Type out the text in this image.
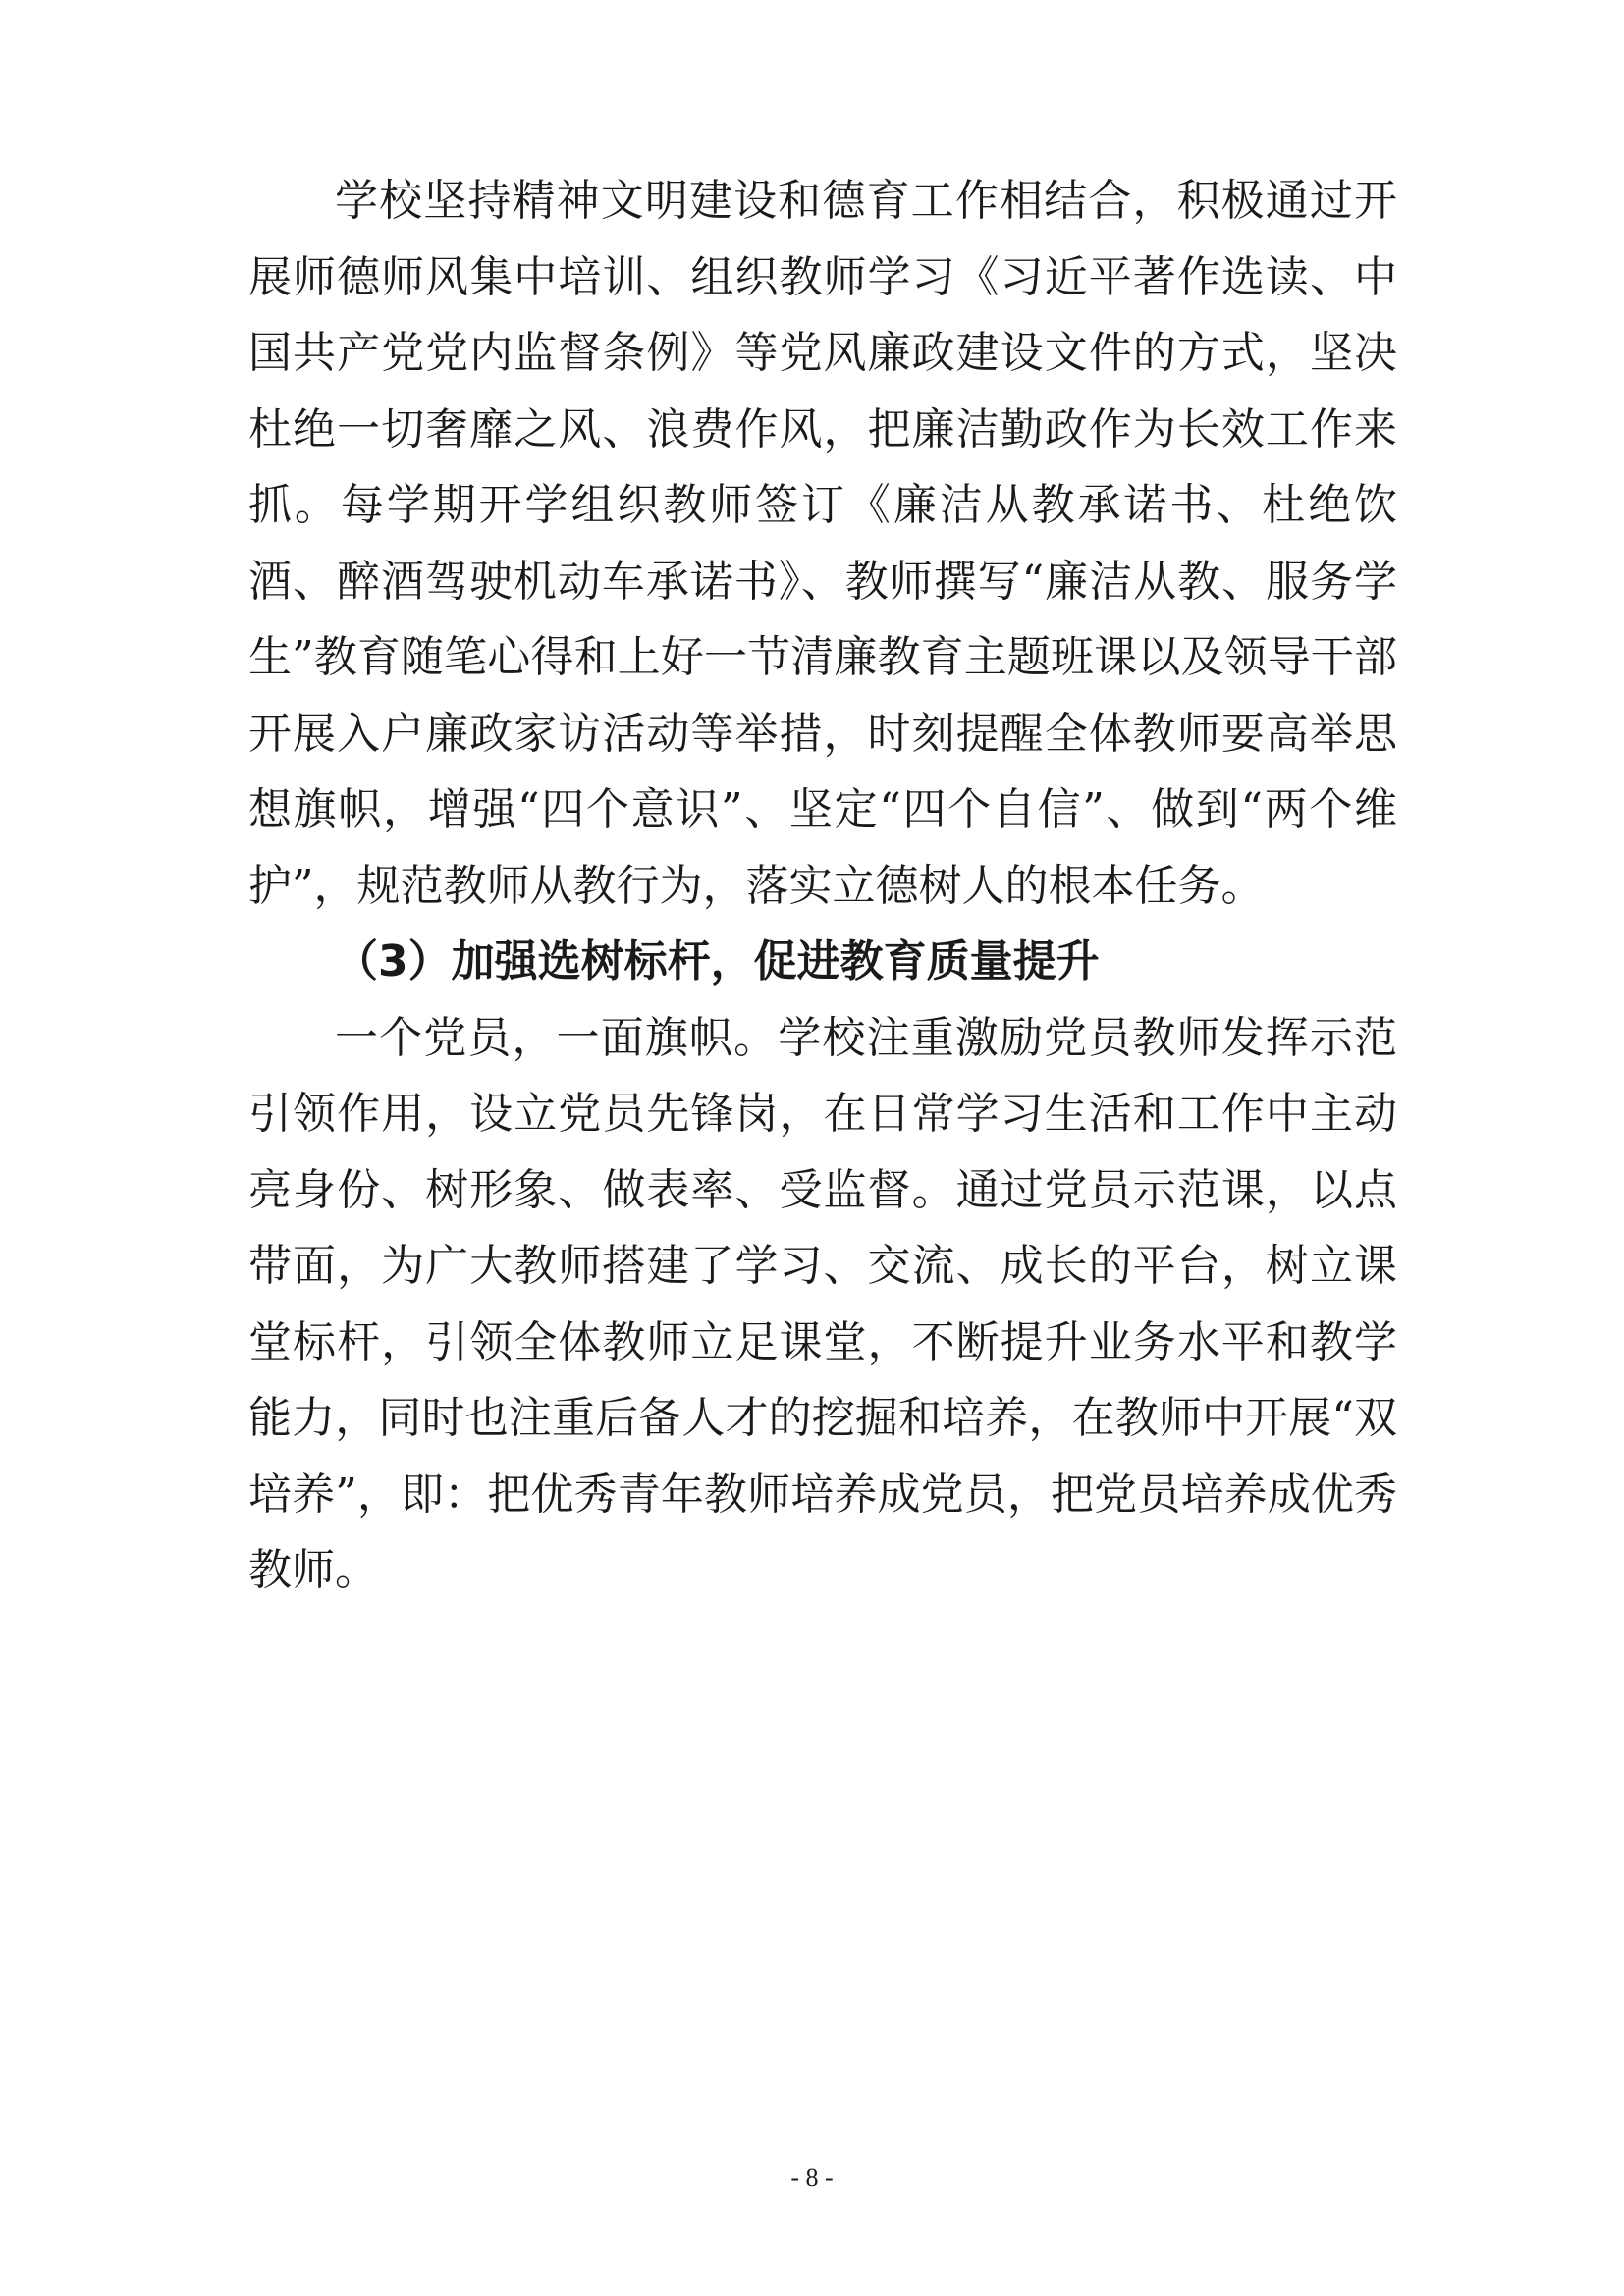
学校坚持精神文明建设和德育工作相结合，积极通过开展师德师风集中培训、组织教师学习《习近平著作选读、中国共产党党内监督条例》等党风廉政建设文件的方式，坚决杜绝一切奢靡之风、浪费作风，把廉洁勤政作为长效工作来抓。每学期开学组织教师签订《廉洁从教承诺书、杜绝饮酒、醉酒驾驶机动车承诺书》、教师撰写“廉洁从教、服务学生”教育随笔心得和上好一节清廉教育主题班课以及领导干部开展入户廉政家访活动等举措，时刻提醒全体教师要高举思想旗帜，增强“四个意识”、坚定“四个自信”、做到“两个维护”，规范教师从教行为，落实立德树人的根本任务。

（3）加强选树标杆，促进教育质量提升

一个党员，一面旗帜。学校注重激励党员教师发挥示范引领作用，设立党员先锋岗，在日常学习生活和工作中主动亮身份、树形象、做表率、受监督。通过党员示范课，以点带面，为广大教师搭建了学习、交流、成长的平台，树立课堂标杆，引领全体教师立足课堂，不断提升业务水平和教学能力，同时也注重后备人才的挖掘和培养，在教师中开展“双培养”，即：把优秀青年教师培养成党员，把党员培养成优秀教师。

- 8 -
